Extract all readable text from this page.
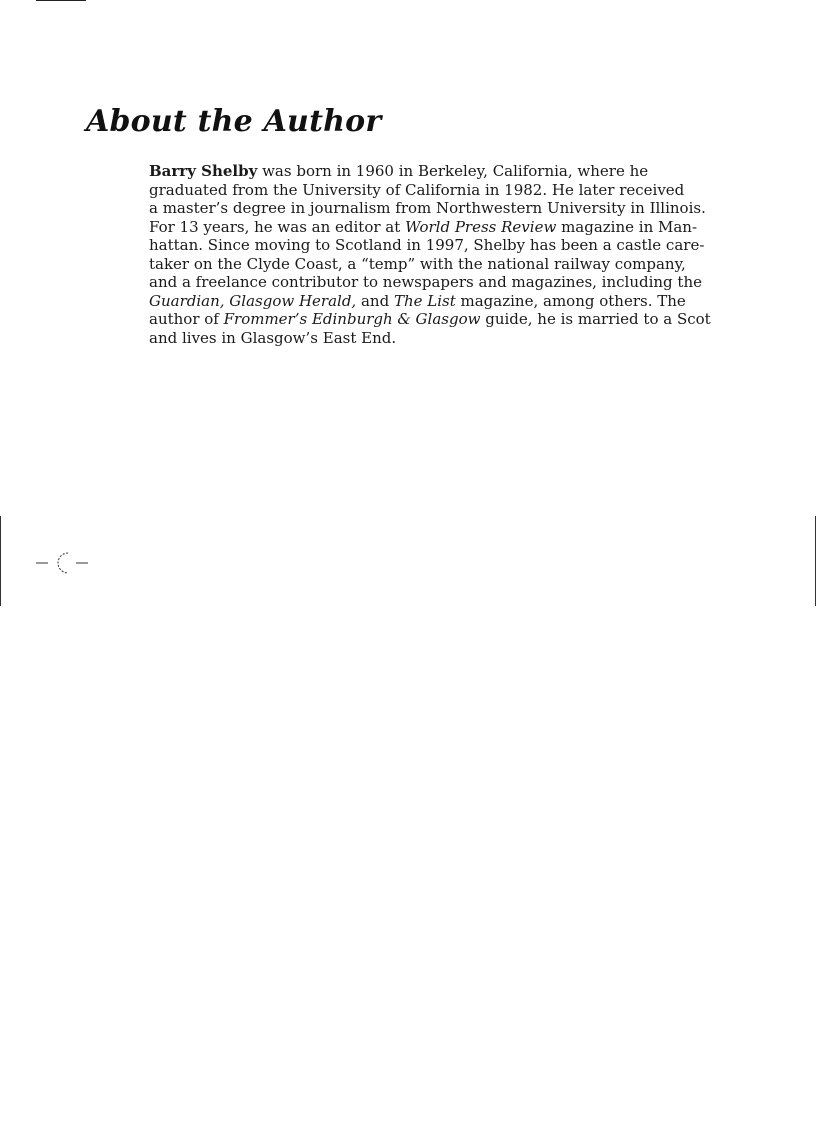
About the Author
Barry Shelby was born in 1960 in Berkeley, California, where he
graduated from the University of California in 1982. He later received
a master’s degree in journalism from Northwestern University in Illinois.
For 13 years, he was an editor at World Press Review magazine in Man-
hattan. Since moving to Scotland in 1997, Shelby has been a castle care-
taker on the Clyde Coast, a “temp” with the national railway company,
and a freelance contributor to newspapers and magazines, including the
Guardian, Glasgow Herald, and The List magazine, among others. The
author of Frommer’s Edinburgh & Glasgow guide, he is married to a Scot
and lives in Glasgow’s East End.
